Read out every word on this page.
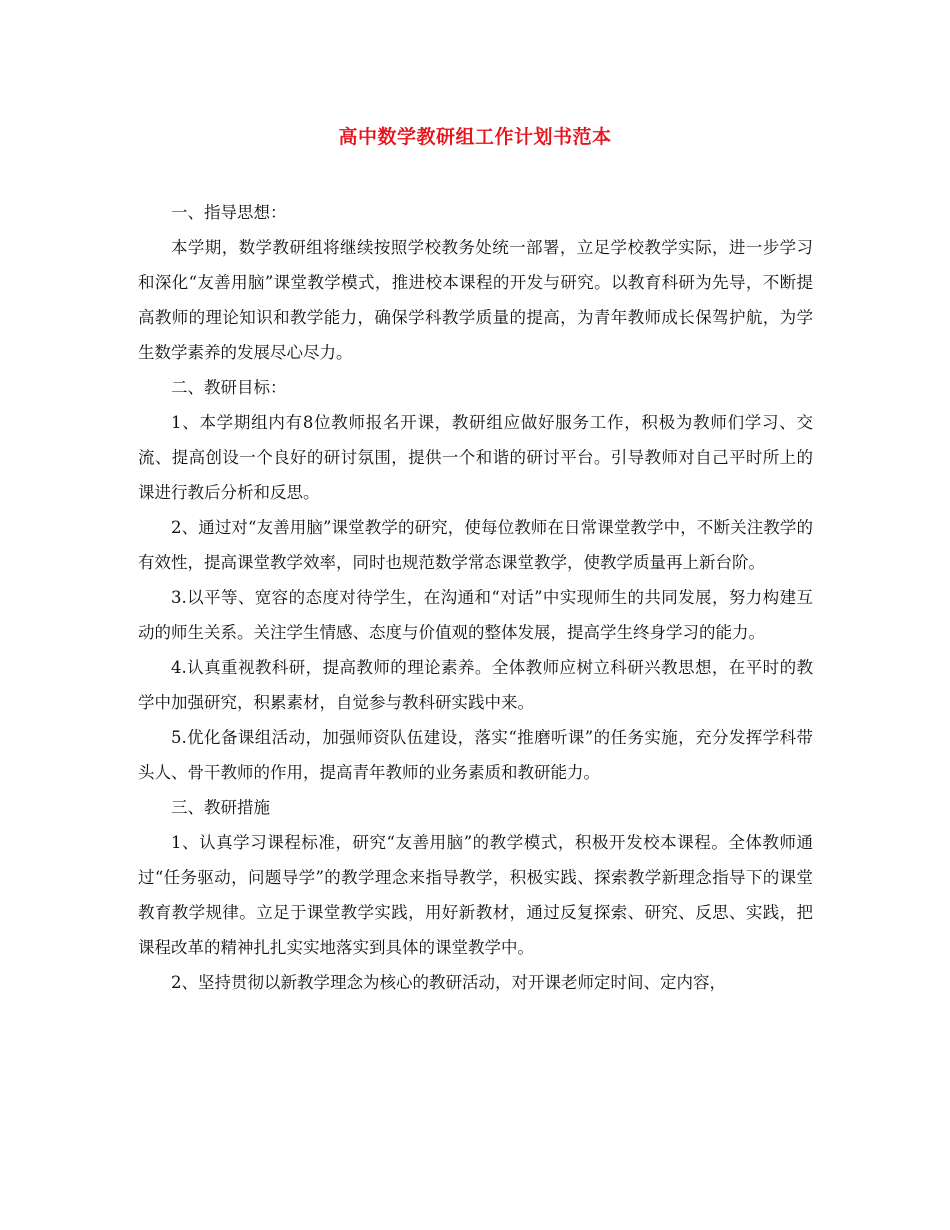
高中数学教研组工作计划书范本

一、指导思想：

本学期，数学教研组将继续按照学校教务处统一部署，立足学校教学实际，进一步学习和深化“友善用脑”课堂教学模式，推进校本课程的开发与研究。以教育科研为先导，不断提高教师的理论知识和教学能力，确保学科教学质量的提高，为青年教师成长保驾护航，为学生数学素养的发展尽心尽力。

二、教研目标：

1、本学期组内有8位教师报名开课，教研组应做好服务工作，积极为教师们学习、交流、提高创设一个良好的研讨氛围，提供一个和谐的研讨平台。引导教师对自己平时所上的课进行教后分析和反思。

2、通过对“友善用脑”课堂教学的研究，使每位教师在日常课堂教学中，不断关注教学的有效性，提高课堂教学效率，同时也规范数学常态课堂教学，使教学质量再上新台阶。

3.以平等、宽容的态度对待学生，在沟通和“对话”中实现师生的共同发展，努力构建互动的师生关系。关注学生情感、态度与价值观的整体发展，提高学生终身学习的能力。

4.认真重视教科研，提高教师的理论素养。全体教师应树立科研兴教思想，在平时的教学中加强研究，积累素材，自觉参与教科研实践中来。

5.优化备课组活动，加强师资队伍建设，落实“推磨听课”的任务实施，充分发挥学科带头人、骨干教师的作用，提高青年教师的业务素质和教研能力。

三、教研措施

1、认真学习课程标准，研究“友善用脑”的教学模式，积极开发校本课程。全体教师通过“任务驱动，问题导学”的教学理念来指导教学，积极实践、探索教学新理念指导下的课堂教育教学规律。立足于课堂教学实践，用好新教材，通过反复探索、研究、反思、实践，把课程改革的精神扎扎实实地落实到具体的课堂教学中。

2、坚持贯彻以新教学理念为核心的教研活动，对开课老师定时间、定内容，
